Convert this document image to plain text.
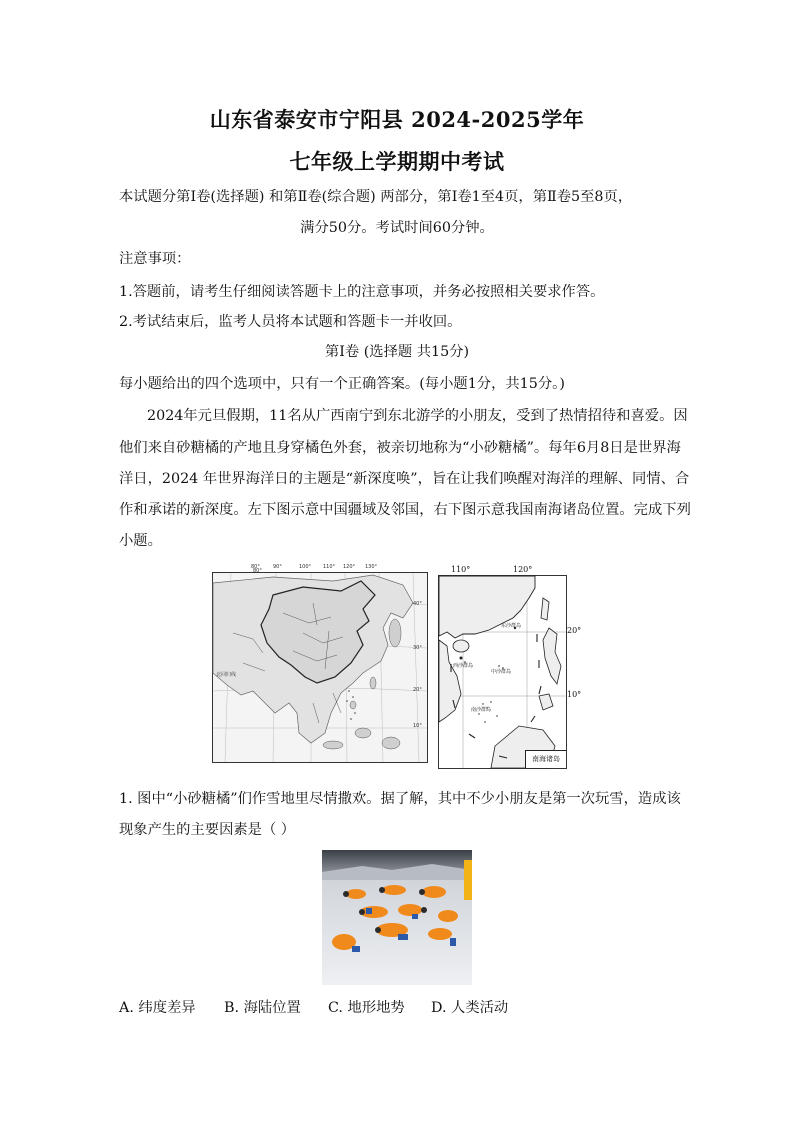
山东省泰安市宁阳县 2024-2025学年
七年级上学期期中考试
本试题分第Ⅰ卷(选择题) 和第Ⅱ卷(综合题) 两部分，第Ⅰ卷1至4页，第Ⅱ卷5至8页，
满分50分。考试时间60分钟。
注意事项：
1.答题前，请考生仔细阅读答题卡上的注意事项，并务必按照相关要求作答。
2.考试结束后，监考人员将本试题和答题卡一并收回。
第Ⅰ卷 (选择题 共15分)
每小题给出的四个选项中，只有一个正确答案。(每小题1分，共15分。)
2024年元旦假期，11名从广西南宁到东北游学的小朋友，受到了热情招待和喜爱。因
他们来自砂糖橘的产地且身穿橘色外套，被亲切地称为“小砂糖橘”。每年6月8日是世界海
洋日，2024 年世界海洋日的主题是“新深度唤”，旨在让我们唤醒对海洋的理解、同情、合
作和承诺的新深度。左下图示意中国疆域及邻国，右下图示意我国南海诸岛位置。完成下列
小题。
80°
80°	90°	100° 110° 120° 130°
40°
30°
20°
10°
北回归线
110°	120°
20°
10°
东沙群岛
西沙群岛
中沙群岛
南沙群岛
南海诸岛
1. 图中“小砂糖橘”们作雪地里尽情撒欢。据了解，其中不少小朋友是第一次玩雪，造成该
现象产生的主要因素是（ ）
A. 纬度差异 B. 海陆位置 C. 地形地势 D. 人类活动
